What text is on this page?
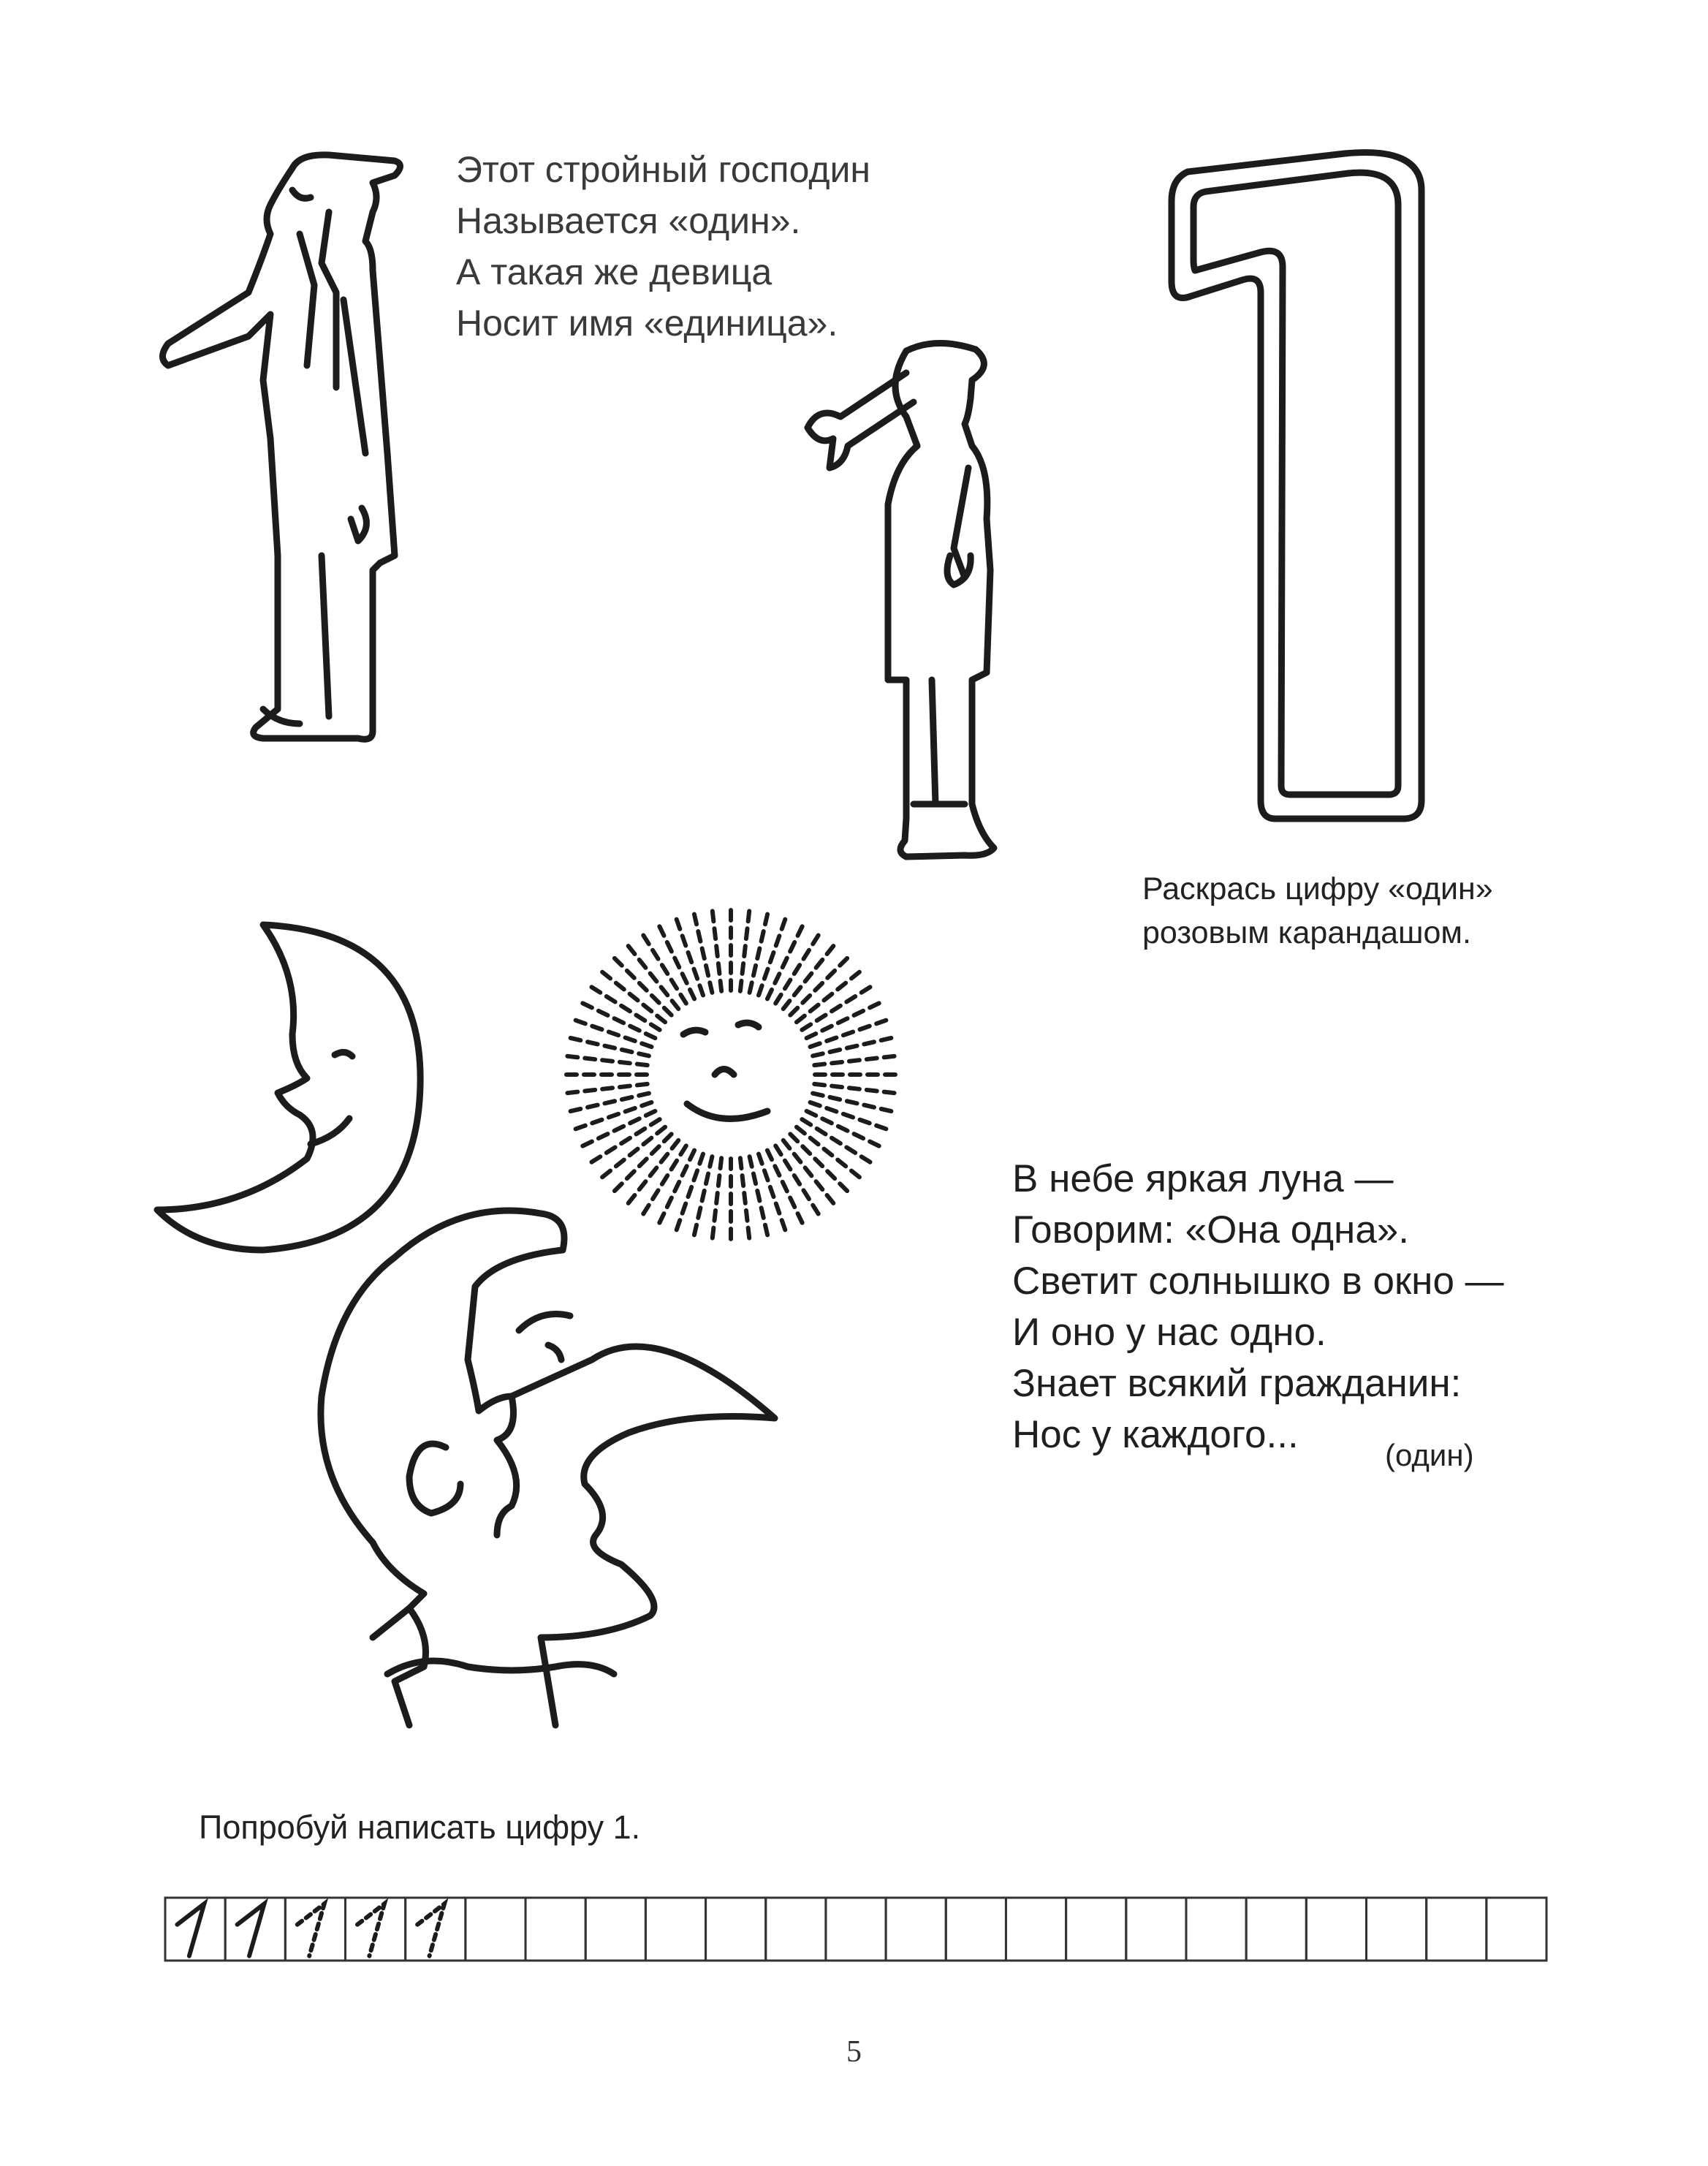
Этот стройный господин
Называется «один».
А такая же девица
Носит имя «единица».
Раскрась цифру «один»
розовым карандашом.
В небе яркая луна —
Говорим: «Она одна».
Светит солнышко в окно —
И оно у нас одно.
Знает всякий гражданин:
Нос у каждого...	(один)
Попробуй написать цифру 1.
5
